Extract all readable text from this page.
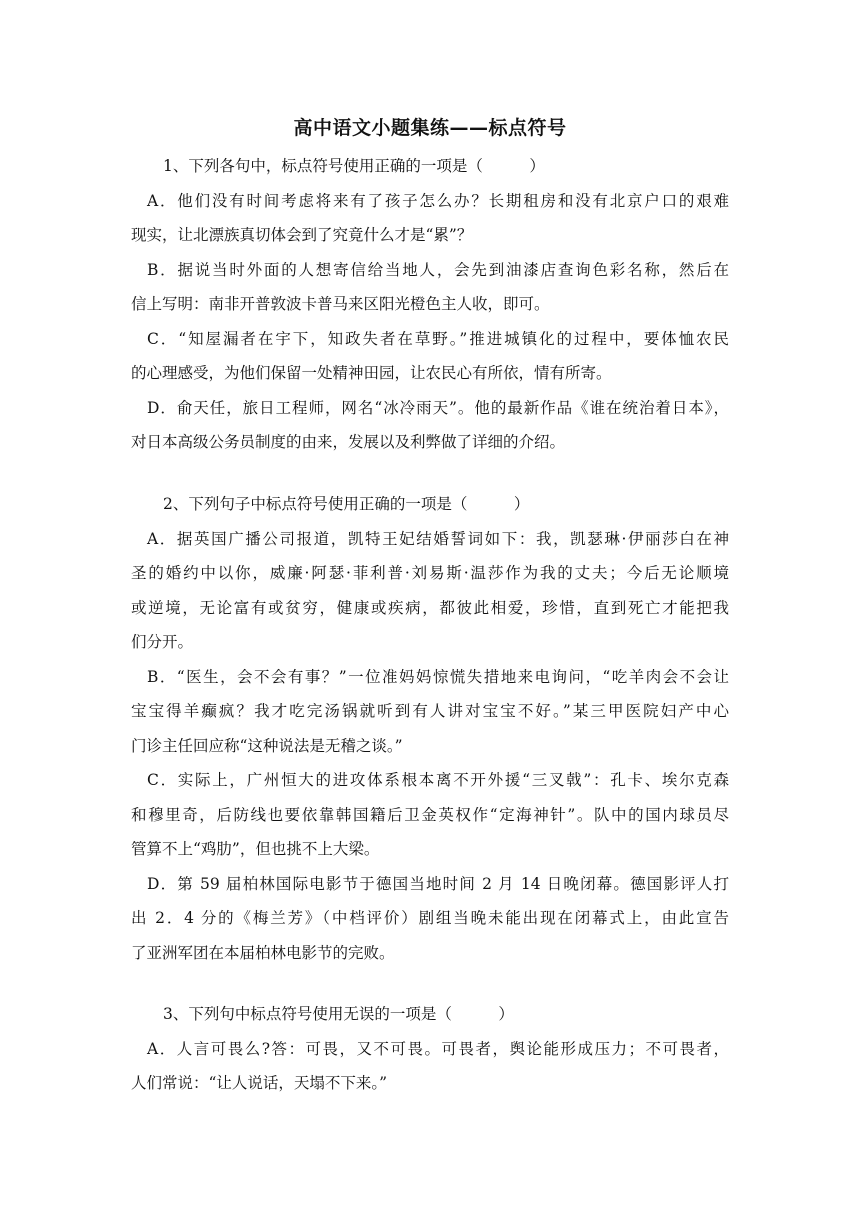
高中语文小题集练——标点符号
1、下列各句中，标点符号使用正确的一项是（　　　）
A．他们没有时间考虑将来有了孩子怎么办？长期租房和没有北京户口的艰难
现实，让北漂族真切体会到了究竟什么才是“累”？
B．据说当时外面的人想寄信给当地人，会先到油漆店查询色彩名称，然后在
信上写明：南非开普敦波卡普马来区阳光橙色主人收，即可。
C．“知屋漏者在宇下，知政失者在草野。”推进城镇化的过程中，要体恤农民
的心理感受，为他们保留一处精神田园，让农民心有所依，情有所寄。
D．俞天任，旅日工程师，网名“冰冷雨天”。他的最新作品《谁在统治着日本》，
对日本高级公务员制度的由来，发展以及利弊做了详细的介绍。
2、下列句子中标点符号使用正确的一项是（　　　）
A．据英国广播公司报道，凯特王妃结婚誓词如下：我，凯瑟琳·伊丽莎白在神
圣的婚约中以你，威廉·阿瑟·菲利普·刘易斯·温莎作为我的丈夫；今后无论顺境
或逆境，无论富有或贫穷，健康或疾病，都彼此相爱，珍惜，直到死亡才能把我
们分开。
B．“医生，会不会有事？”一位准妈妈惊慌失措地来电询问，“吃羊肉会不会让
宝宝得羊癫疯？我才吃完汤锅就听到有人讲对宝宝不好。”某三甲医院妇产中心
门诊主任回应称“这种说法是无稽之谈。”
C．实际上，广州恒大的进攻体系根本离不开外援“三叉戟”：孔卡、埃尔克森
和穆里奇，后防线也要依靠韩国籍后卫金英权作“定海神针”。队中的国内球员尽
管算不上“鸡肋”，但也挑不上大梁。
D．第 59 届柏林国际电影节于德国当地时间 2 月 14 日晚闭幕。德国影评人打
出 2．4 分的《梅兰芳》（中档评价）剧组当晚未能出现在闭幕式上，由此宣告
了亚洲军团在本届柏林电影节的完败。
3、下列句中标点符号使用无误的一项是（　　　）
A．人言可畏么?答：可畏，又不可畏。可畏者，舆论能形成压力；不可畏者，
人们常说：“让人说话，天塌不下来。”
